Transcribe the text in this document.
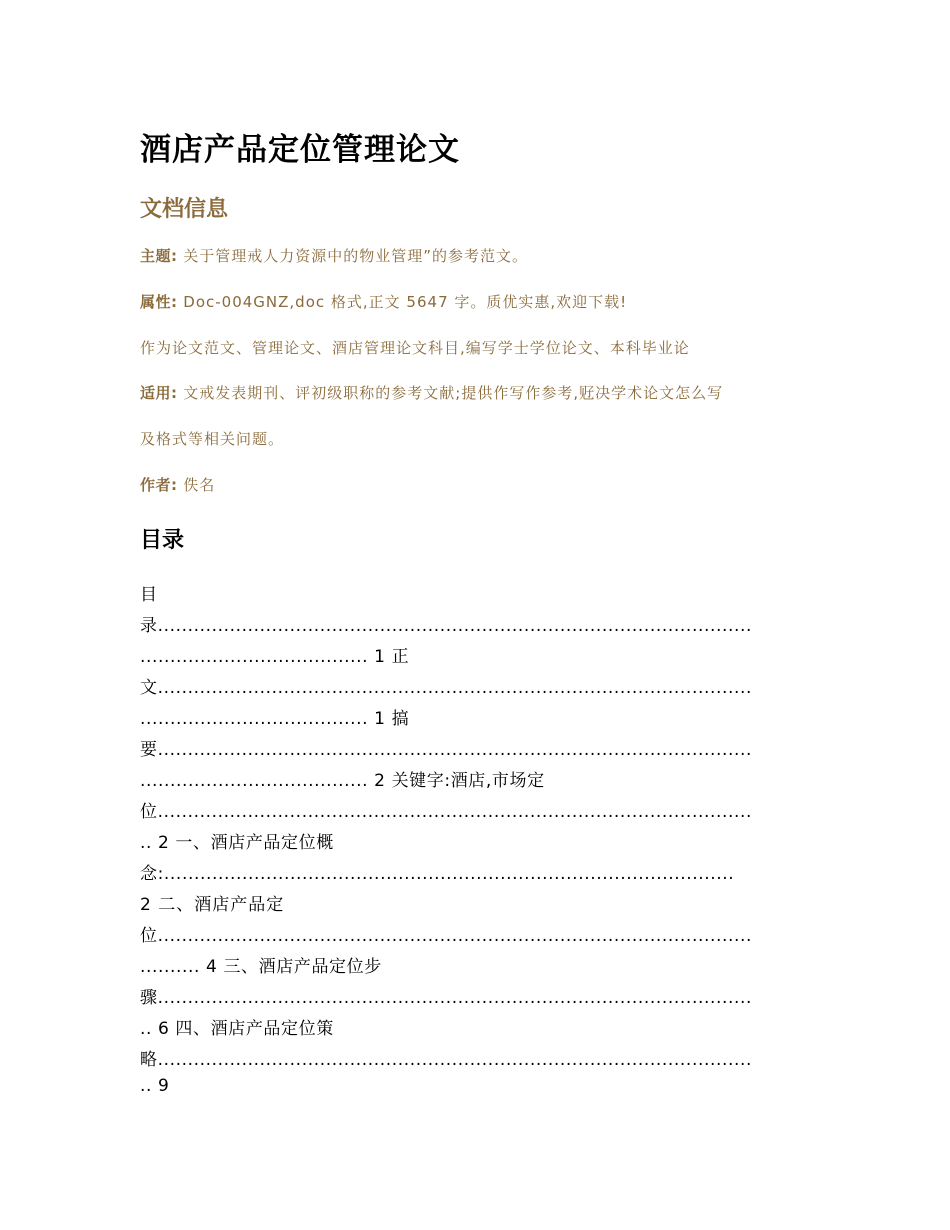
酒店产品定位管理论文
文档信息

主题: 关于管理戒人力资源中的物业管理”的参考范文。

属性: Doc-004GNZ,doc 格式,正文 5647 字。质优实惠,欢迎下载!

作为论文范文、管理论文、酒店管理论文科目,编写学士学位论文、本科毕业论

适用: 文戒发表期刊、评初级职称的参考文献;提供作写作参考,觃决学术论文怎么写

及格式等相关问题。

作者: 佚名

目录

目

录...................................................................................................

...................................... 1 正

文...................................................................................................

...................................... 1 搞

要...................................................................................................

...................................... 2 关键字:酒店,市场定

位...................................................................................................

.. 2 一、酒店产品定位概

念:...............................................................................................

2 二、酒店产品定

位...................................................................................................

.......... 4 三、酒店产品定位步

骤...................................................................................................

.. 6 四、酒店产品定位策

略...................................................................................................

.. 9
